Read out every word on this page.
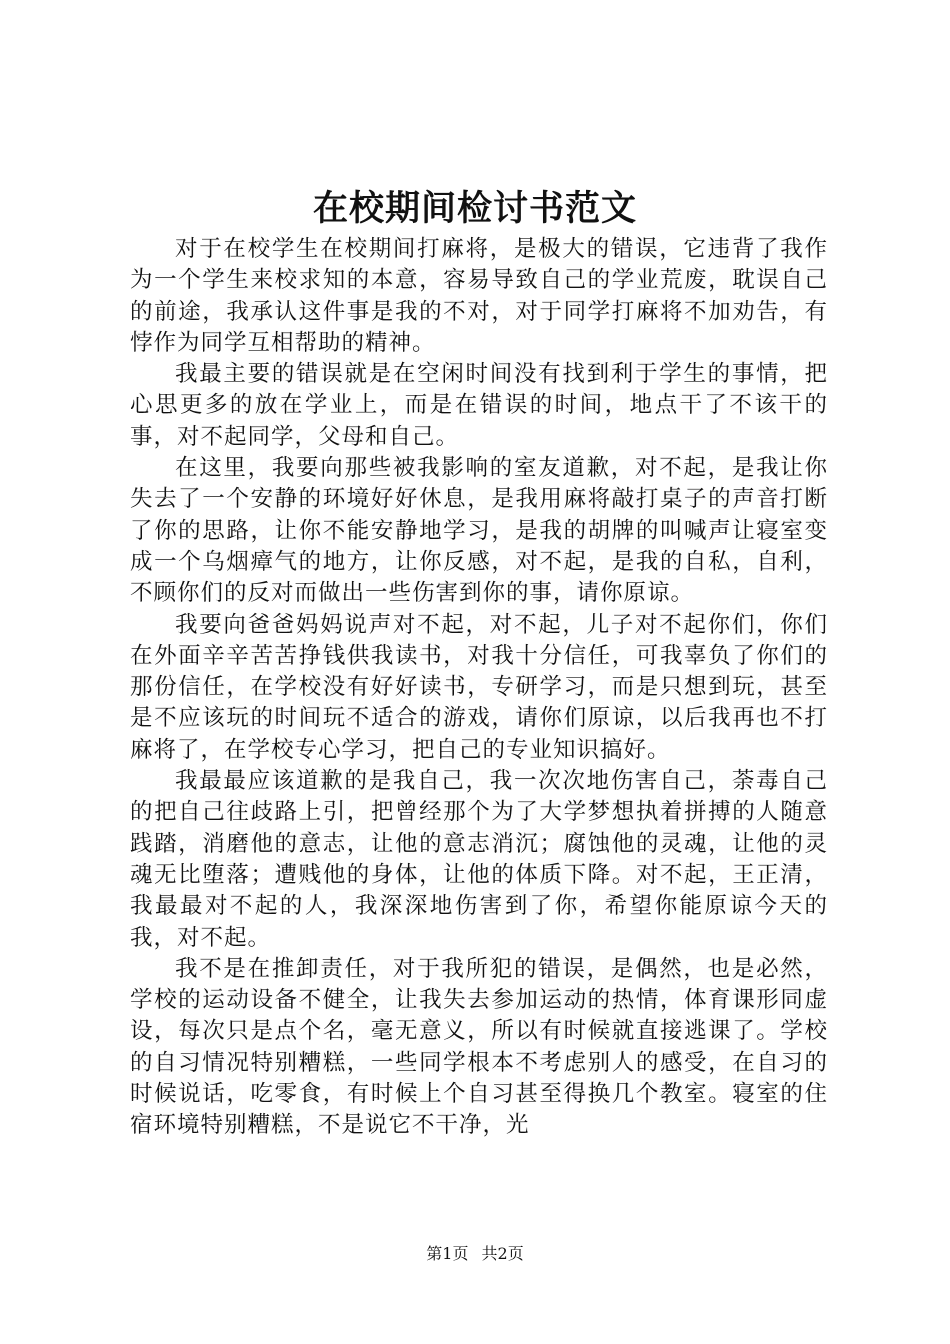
在校期间检讨书范文

对于在校学生在校期间打麻将，是极大的错误，它违背了我作为一个学生来校求知的本意，容易导致自己的学业荒废，耽误自己的前途，我承认这件事是我的不对，对于同学打麻将不加劝告，有悖作为同学互相帮助的精神。

我最主要的错误就是在空闲时间没有找到利于学生的事情，把心思更多的放在学业上，而是在错误的时间，地点干了不该干的事，对不起同学，父母和自己。

在这里，我要向那些被我影响的室友道歉，对不起，是我让你失去了一个安静的环境好好休息，是我用麻将敲打桌子的声音打断了你的思路，让你不能安静地学习，是我的胡牌的叫喊声让寝室变成一个乌烟瘴气的地方，让你反感，对不起，是我的自私，自利，不顾你们的反对而做出一些伤害到你的事，请你原谅。

我要向爸爸妈妈说声对不起，对不起，儿子对不起你们，你们在外面辛辛苦苦挣钱供我读书，对我十分信任，可我辜负了你们的那份信任，在学校没有好好读书，专研学习，而是只想到玩，甚至是不应该玩的时间玩不适合的游戏，请你们原谅，以后我再也不打麻将了，在学校专心学习，把自己的专业知识搞好。

我最最应该道歉的是我自己，我一次次地伤害自己，荼毒自己的把自己往歧路上引，把曾经那个为了大学梦想执着拼搏的人随意践踏，消磨他的意志，让他的意志消沉；腐蚀他的灵魂，让他的灵魂无比堕落；遭贱他的身体，让他的体质下降。对不起，王正清，我最最对不起的人，我深深地伤害到了你，希望你能原谅今天的我，对不起。

我不是在推卸责任，对于我所犯的错误，是偶然，也是必然，学校的运动设备不健全，让我失去参加运动的热情，体育课形同虚设，每次只是点个名，毫无意义，所以有时候就直接逃课了。学校的自习情况特别糟糕，一些同学根本不考虑别人的感受，在自习的时候说话，吃零食，有时候上个自习甚至得换几个教室。寝室的住宿环境特别糟糕，不是说它不干净，光

第1页 共2页
